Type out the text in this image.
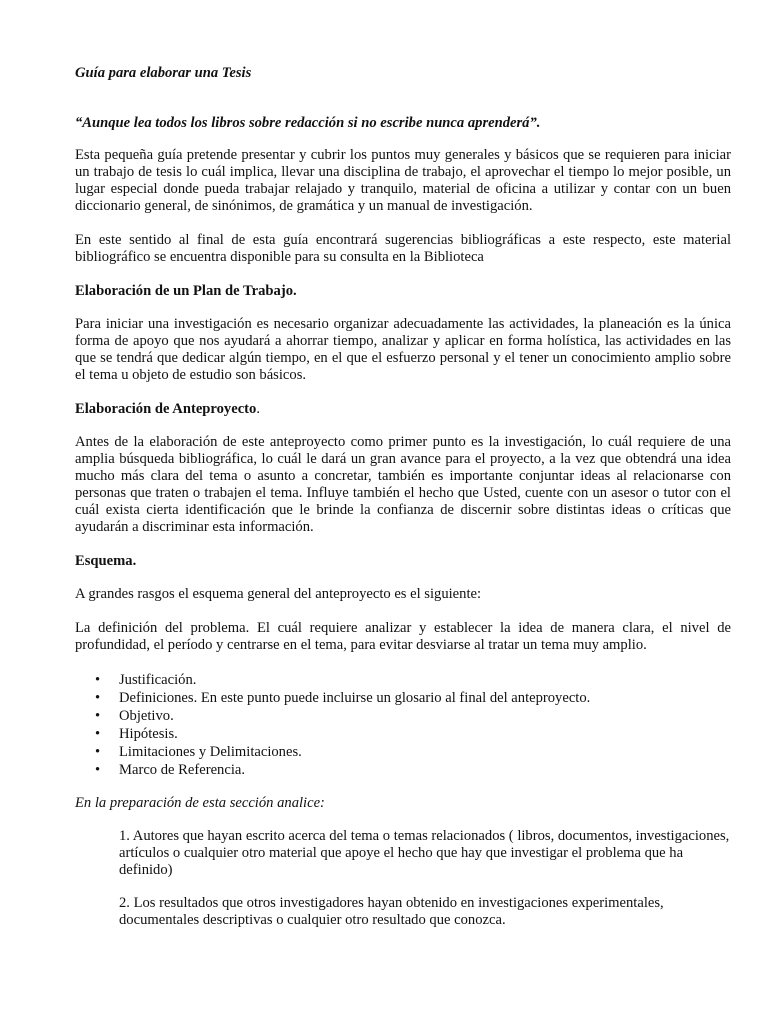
Guía para elaborar una Tesis

“Aunque lea todos los libros sobre redacción si no escribe nunca aprenderá”.

Esta pequeña guía pretende presentar y cubrir los puntos muy generales y básicos que se requieren para iniciar un trabajo de tesis lo cuál implica, llevar una disciplina de trabajo, el aprovechar el tiempo lo mejor posible, un lugar especial donde pueda trabajar relajado y tranquilo, material de oficina a utilizar y contar con un buen diccionario general, de sinónimos, de gramática y un manual de investigación.

En este sentido al final de esta guía encontrará sugerencias bibliográficas a este respecto, este material bibliográfico se encuentra disponible para su consulta en la Biblioteca

Elaboración de un Plan de Trabajo.

Para iniciar una investigación es necesario organizar adecuadamente las actividades, la planeación es la única forma de apoyo que nos ayudará a ahorrar tiempo, analizar y aplicar en forma holística, las actividades en las que se tendrá que dedicar algún tiempo, en el que el esfuerzo personal y el tener un conocimiento amplio sobre el tema u objeto de estudio son básicos.

Elaboración de Anteproyecto.

Antes de la elaboración de este anteproyecto como primer punto es la investigación, lo cuál requiere de una amplia búsqueda bibliográfica, lo cuál le dará un gran avance para el proyecto, a la vez que obtendrá una idea mucho más clara del tema o asunto a concretar, también es importante conjuntar ideas al relacionarse con personas que traten o trabajen el tema. Influye también el hecho que Usted, cuente con un asesor o tutor con el cuál exista cierta identificación que le brinde la confianza de discernir sobre distintas ideas o críticas que ayudarán a discriminar esta información.

Esquema.

A grandes rasgos el esquema general del anteproyecto es el siguiente:

La definición del problema. El cuál requiere analizar y establecer la idea de manera clara, el nivel de profundidad, el período y centrarse en el tema, para evitar desviarse al tratar un tema muy amplio.

• Justificación.
• Definiciones. En este punto puede incluirse un glosario al final del anteproyecto.
• Objetivo.
• Hipótesis.
• Limitaciones y Delimitaciones.
• Marco de Referencia.

En la preparación de esta sección analice:

1. Autores que hayan escrito acerca del tema o temas relacionados ( libros, documentos, investigaciones, artículos o cualquier otro material que apoye el hecho que hay que investigar el problema que ha definido)

2. Los resultados que otros investigadores hayan obtenido en investigaciones experimentales, documentales descriptivas o cualquier otro resultado que conozca.
